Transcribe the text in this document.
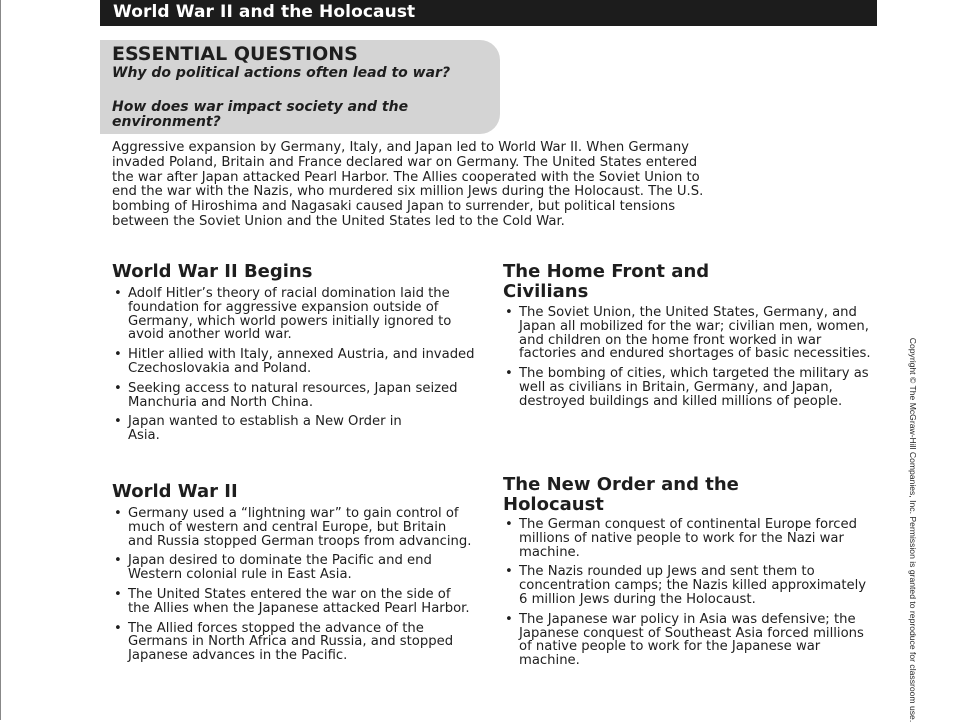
World War II and the Holocaust
ESSENTIAL QUESTIONS
Why do political actions often lead to war?
How does war impact society and the environment?
Aggressive expansion by Germany, Italy, and Japan led to World War II. When Germany invaded Poland, Britain and France declared war on Germany. The United States entered the war after Japan attacked Pearl Harbor. The Allies cooperated with the Soviet Union to end the war with the Nazis, who murdered six million Jews during the Holocaust. The U.S. bombing of Hiroshima and Nagasaki caused Japan to surrender, but political tensions between the Soviet Union and the United States led to the Cold War.
World War II Begins
• Adolf Hitler’s theory of racial domination laid the foundation for aggressive expansion outside of Germany, which world powers initially ignored to avoid another world war.
• Hitler allied with Italy, annexed Austria, and invaded Czechoslovakia and Poland.
• Seeking access to natural resources, Japan seized Manchuria and North China.
• Japan wanted to establish a New Order in Asia.
World War II
• Germany used a “lightning war” to gain control of much of western and central Europe, but Britain and Russia stopped German troops from advancing.
• Japan desired to dominate the Pacific and end Western colonial rule in East Asia.
• The United States entered the war on the side of the Allies when the Japanese attacked Pearl Harbor.
• The Allied forces stopped the advance of the Germans in North Africa and Russia, and stopped Japanese advances in the Pacific.
The Home Front and
Civilians
• The Soviet Union, the United States, Germany, and Japan all mobilized for the war; civilian men, women, and children on the home front worked in war factories and endured shortages of basic necessities.
• The bombing of cities, which targeted the military as well as civilians in Britain, Germany, and Japan, destroyed buildings and killed millions of people.
The New Order and the
Holocaust
• The German conquest of continental Europe forced millions of native people to work for the Nazi war machine.
• The Nazis rounded up Jews and sent them to concentration camps; the Nazis killed approximately 6 million Jews during the Holocaust.
• The Japanese war policy in Asia was defensive; the Japanese conquest of Southeast Asia forced millions of native people to work for the Japanese war machine.	Copyright © The McGraw-Hill Companies, Inc. Permission is granted to reproduce for classroom use.
